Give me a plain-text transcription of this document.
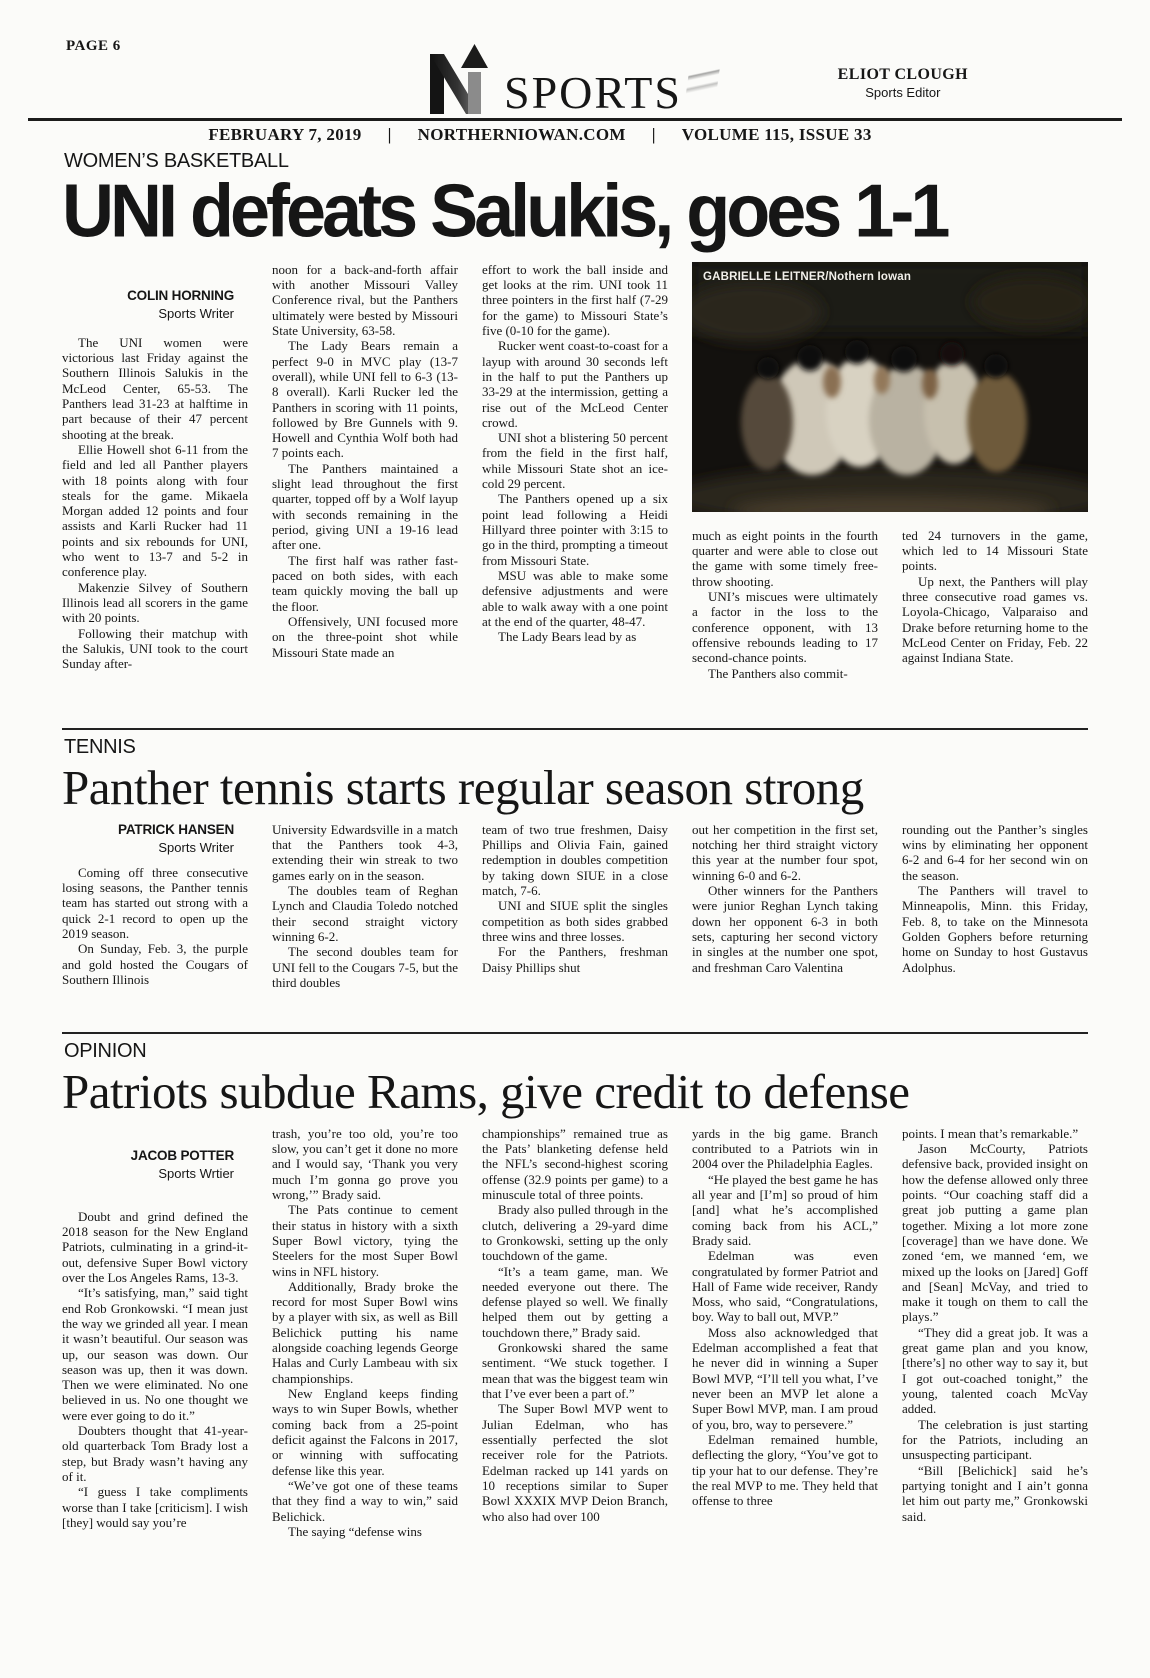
PAGE 6
SPORTS	ELIOT CLOUGH
Sports Editor
FEBRUARY 7, 2019 | NORTHERNIOWAN.COM | VOLUME 115, ISSUE 33
WOMEN’S BASKETBALL
UNI defeats Salukis, goes 1-1
COLIN HORNING
Sports Writer

The UNI women were victorious last Friday against the Southern Illinois Salukis in the McLeod Center, 65-53. The Panthers lead 31-23 at halftime in part because of their 47 percent shooting at the break.

Ellie Howell shot 6-11 from the field and led all Panther players with 18 points along with four steals for the game. Mikaela Morgan added 12 points and four assists and Karli Rucker had 11 points and six rebounds for UNI, who went to 13-7 and 5-2 in conference play.

Makenzie Silvey of Southern Illinois lead all scorers in the game with 20 points.

Following their matchup with the Salukis, UNI took to the court Sunday after-

noon for a back-and-forth affair with another Missouri Valley Conference rival, but the Panthers ultimately were bested by Missouri State University, 63-58.

The Lady Bears remain a perfect 9-0 in MVC play (13-7 overall), while UNI fell to 6-3 (13-8 overall). Karli Rucker led the Panthers in scoring with 11 points, followed by Bre Gunnels with 9. Howell and Cynthia Wolf both had 7 points each.

The Panthers maintained a slight lead throughout the first quarter, topped off by a Wolf layup with seconds remaining in the period, giving UNI a 19-16 lead after one.

The first half was rather fast-paced on both sides, with each team quickly moving the ball up the floor.

Offensively, UNI focused more on the three-point shot while Missouri State made an

effort to work the ball inside and get looks at the rim. UNI took 11 three pointers in the first half (7-29 for the game) to Missouri State’s five (0-10 for the game).

Rucker went coast-to-coast for a layup with around 30 seconds left in the half to put the Panthers up 33-29 at the intermission, getting a rise out of the McLeod Center crowd.

UNI shot a blistering 50 percent from the field in the first half, while Missouri State shot an ice-cold 29 percent.

The Panthers opened up a six point lead following a Heidi Hillyard three pointer with 3:15 to go in the third, prompting a timeout from Missouri State.

MSU was able to make some defensive adjustments and were able to walk away with a one point at the end of the quarter, 48-47.

The Lady Bears lead by as

GABRIELLE LEITNER/Nothern Iowan

much as eight points in the fourth quarter and were able to close out the game with some timely free-throw shooting.

UNI’s miscues were ultimately a factor in the loss to the conference opponent, with 13 offensive rebounds leading to 17 second-chance points.

The Panthers also commit-

ted 24 turnovers in the game, which led to 14 Missouri State points.

Up next, the Panthers will play three consecutive road games vs. Loyola-Chicago, Valparaiso and Drake before returning home to the McLeod Center on Friday, Feb. 22 against Indiana State.

TENNIS
Panther tennis starts regular season strong
PATRICK HANSEN
Sports Writer

Coming off three consecutive losing seasons, the Panther tennis team has started out strong with a quick 2-1 record to open up the 2019 season.

On Sunday, Feb. 3, the purple and gold hosted the Cougars of Southern Illinois

University Edwardsville in a match that the Panthers took 4-3, extending their win streak to two games early on in the season.

The doubles team of Reghan Lynch and Claudia Toledo notched their second straight victory winning 6-2.

The second doubles team for UNI fell to the Cougars 7-5, but the third doubles

team of two true freshmen, Daisy Phillips and Olivia Fain, gained redemption in doubles competition by taking down SIUE in a close match, 7-6.

UNI and SIUE split the singles competition as both sides grabbed three wins and three losses.

For the Panthers, freshman Daisy Phillips shut

out her competition in the first set, notching her third straight victory this year at the number four spot, winning 6-0 and 6-2.

Other winners for the Panthers were junior Reghan Lynch taking down her opponent 6-3 in both sets, capturing her second victory in singles at the number one spot, and freshman Caro Valentina

rounding out the Panther’s singles wins by eliminating her opponent 6-2 and 6-4 for her second win on the season.

The Panthers will travel to Minneapolis, Minn. this Friday, Feb. 8, to take on the Minnesota Golden Gophers before returning home on Sunday to host Gustavus Adolphus.

OPINION
Patriots subdue Rams, give credit to defense
JACOB POTTER
Sports Wrtier

Doubt and grind defined the 2018 season for the New England Patriots, culminating in a grind-it-out, defensive Super Bowl victory over the Los Angeles Rams, 13-3.

“It’s satisfying, man,” said tight end Rob Gronkowski. “I mean just the way we grinded all year. I mean it wasn’t beautiful. Our season was up, our season was down. Our season was up, then it was down. Then we were eliminated. No one believed in us. No one thought we were ever going to do it.”

Doubters thought that 41-year-old quarterback Tom Brady lost a step, but Brady wasn’t having any of it.

“I guess I take compliments worse than I take [criticism]. I wish [they] would say you’re

trash, you’re too old, you’re too slow, you can’t get it done no more and I would say, ‘Thank you very much I’m gonna go prove you wrong,’” Brady said.

The Pats continue to cement their status in history with a sixth Super Bowl victory, tying the Steelers for the most Super Bowl wins in NFL history.

Additionally, Brady broke the record for most Super Bowl wins by a player with six, as well as Bill Belichick putting his name alongside coaching legends George Halas and Curly Lambeau with six championships.

New England keeps finding ways to win Super Bowls, whether coming back from a 25-point deficit against the Falcons in 2017, or winning with suffocating defense like this year.

“We’ve got one of these teams that they find a way to win,” said Belichick.

The saying “defense wins

championships” remained true as the Pats’ blanketing defense held the NFL’s second-highest scoring offense (32.9 points per game) to a minuscule total of three points.

Brady also pulled through in the clutch, delivering a 29-yard dime to Gronkowski, setting up the only touchdown of the game.

“It’s a team game, man. We needed everyone out there. The defense played so well. We finally helped them out by getting a touchdown there,” Brady said.

Gronkowski shared the same sentiment. “We stuck together. I mean that was the biggest team win that I’ve ever been a part of.”

The Super Bowl MVP went to Julian Edelman, who has essentially perfected the slot receiver role for the Patriots. Edelman racked up 141 yards on 10 receptions similar to Super Bowl XXXIX MVP Deion Branch, who also had over 100

yards in the big game. Branch contributed to a Patriots win in 2004 over the Philadelphia Eagles.

“He played the best game he has all year and [I’m] so proud of him [and] what he’s accomplished coming back from his ACL,” Brady said.

Edelman was even congratulated by former Patriot and Hall of Fame wide receiver, Randy Moss, who said, “Congratulations, boy. Way to ball out, MVP.”

Moss also acknowledged that Edelman accomplished a feat that he never did in winning a Super Bowl MVP, “I’ll tell you what, I’ve never been an MVP let alone a Super Bowl MVP, man. I am proud of you, bro, way to persevere.”

Edelman remained humble, deflecting the glory, “You’ve got to tip your hat to our defense. They’re the real MVP to me. They held that offense to three

points. I mean that’s remarkable.”

Jason McCourty, Patriots defensive back, provided insight on how the defense allowed only three points. “Our coaching staff did a great job putting a game plan together. Mixing a lot more zone [coverage] than we have done. We zoned ‘em, we manned ‘em, we mixed up the looks on [Jared] Goff and [Sean] McVay, and tried to make it tough on them to call the plays.”

“They did a great job. It was a great game plan and you know, [there’s] no other way to say it, but I got out-coached tonight,” the young, talented coach McVay added.

The celebration is just starting for the Patriots, including an unsuspecting participant.

“Bill [Belichick] said he’s partying tonight and I ain’t gonna let him out party me,” Gronkowski said.
